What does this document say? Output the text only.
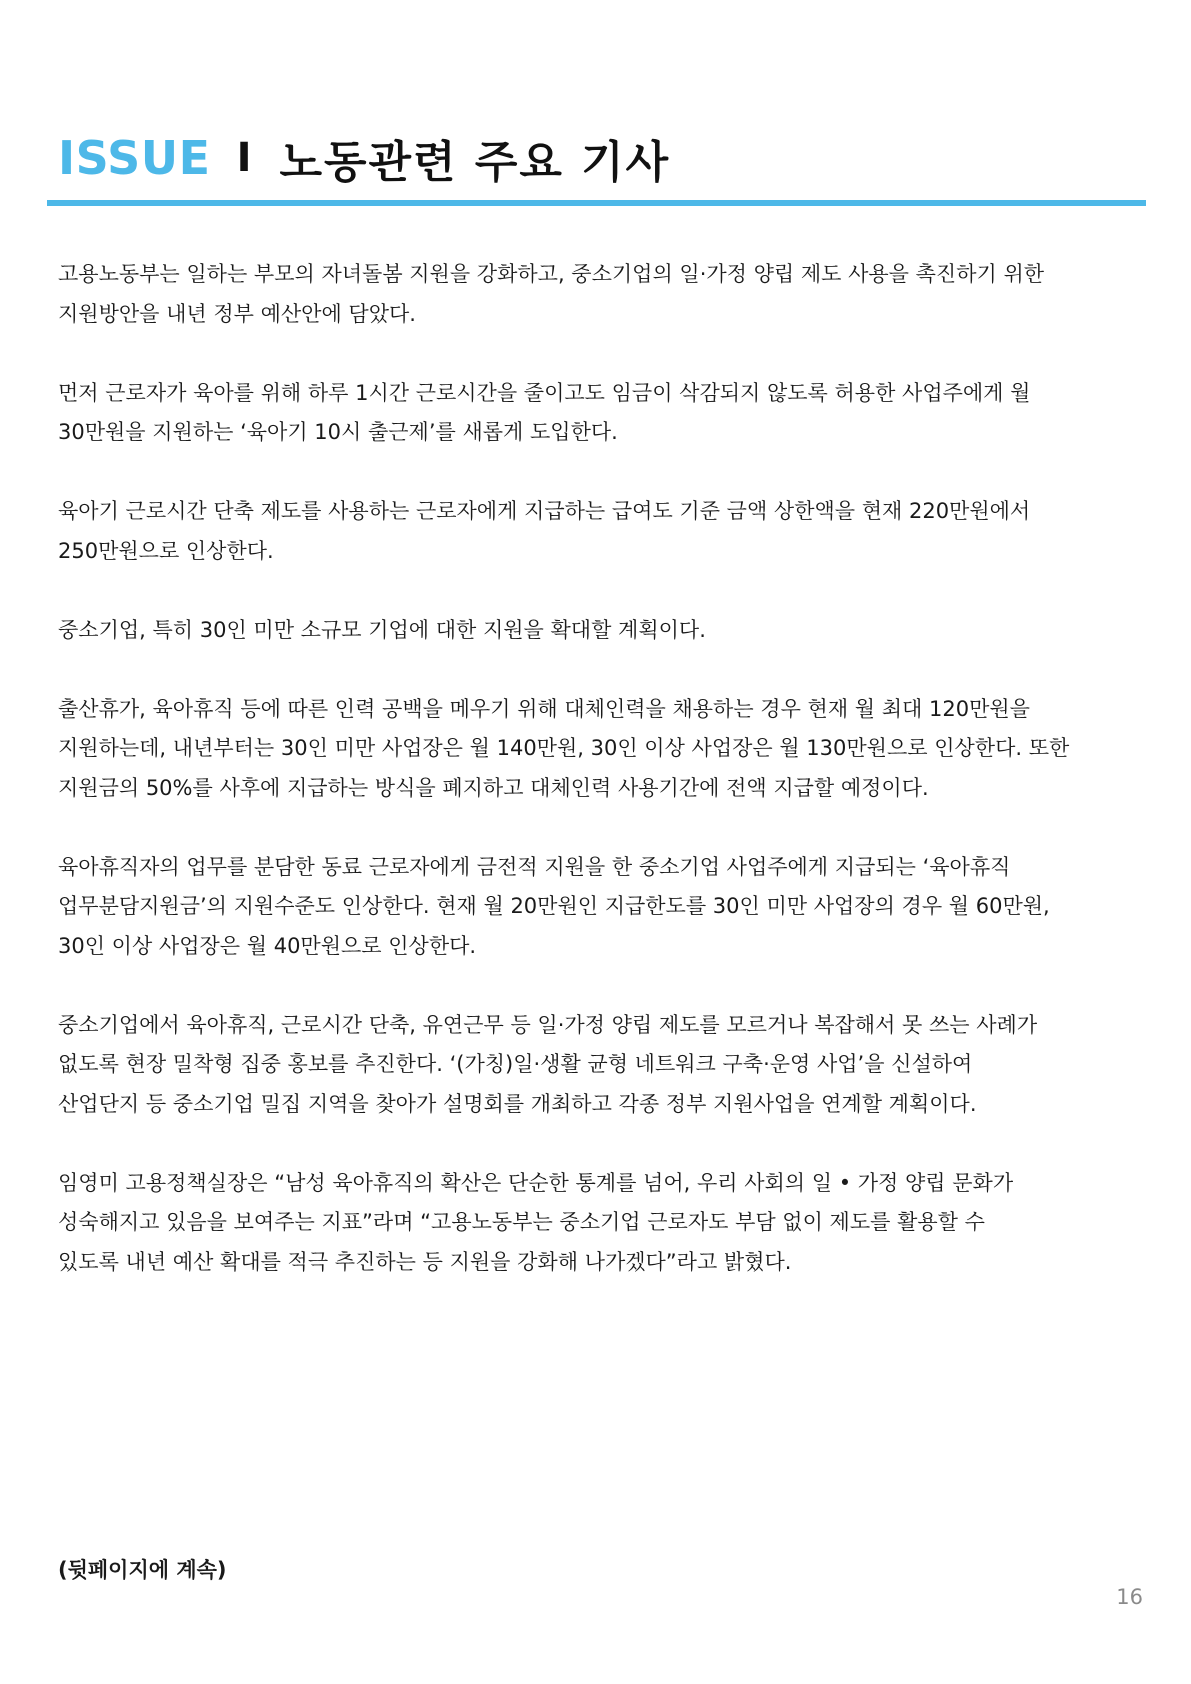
ISSUE I 노동관련 주요 기사

고용노동부는 일하는 부모의 자녀돌봄 지원을 강화하고, 중소기업의 일·가정 양립 제도 사용을 촉진하기 위한
지원방안을 내년 정부 예산안에 담았다.

먼저 근로자가 육아를 위해 하루 1시간 근로시간을 줄이고도 임금이 삭감되지 않도록 허용한 사업주에게 월
30만원을 지원하는 ‘육아기 10시 출근제’를 새롭게 도입한다.

육아기 근로시간 단축 제도를 사용하는 근로자에게 지급하는 급여도 기준 금액 상한액을 현재 220만원에서
250만원으로 인상한다.

중소기업, 특히 30인 미만 소규모 기업에 대한 지원을 확대할 계획이다.

출산휴가, 육아휴직 등에 따른 인력 공백을 메우기 위해 대체인력을 채용하는 경우 현재 월 최대 120만원을
지원하는데, 내년부터는 30인 미만 사업장은 월 140만원, 30인 이상 사업장은 월 130만원으로 인상한다. 또한
지원금의 50%를 사후에 지급하는 방식을 폐지하고 대체인력 사용기간에 전액 지급할 예정이다.

육아휴직자의 업무를 분담한 동료 근로자에게 금전적 지원을 한 중소기업 사업주에게 지급되는 ‘육아휴직
업무분담지원금’의 지원수준도 인상한다. 현재 월 20만원인 지급한도를 30인 미만 사업장의 경우 월 60만원,
30인 이상 사업장은 월 40만원으로 인상한다.

중소기업에서 육아휴직, 근로시간 단축, 유연근무 등 일·가정 양립 제도를 모르거나 복잡해서 못 쓰는 사례가
없도록 현장 밀착형 집중 홍보를 추진한다. ‘(가칭)일·생활 균형 네트워크 구축·운영 사업’을 신설하여
산업단지 등 중소기업 밀집 지역을 찾아가 설명회를 개최하고 각종 정부 지원사업을 연계할 계획이다.

임영미 고용정책실장은 “남성 육아휴직의 확산은 단순한 통계를 넘어, 우리 사회의 일 • 가정 양립 문화가
성숙해지고 있음을 보여주는 지표”라며 “고용노동부는 중소기업 근로자도 부담 없이 제도를 활용할 수
있도록 내년 예산 확대를 적극 추진하는 등 지원을 강화해 나가겠다”라고 밝혔다.

(뒷페이지에 계속)
16
